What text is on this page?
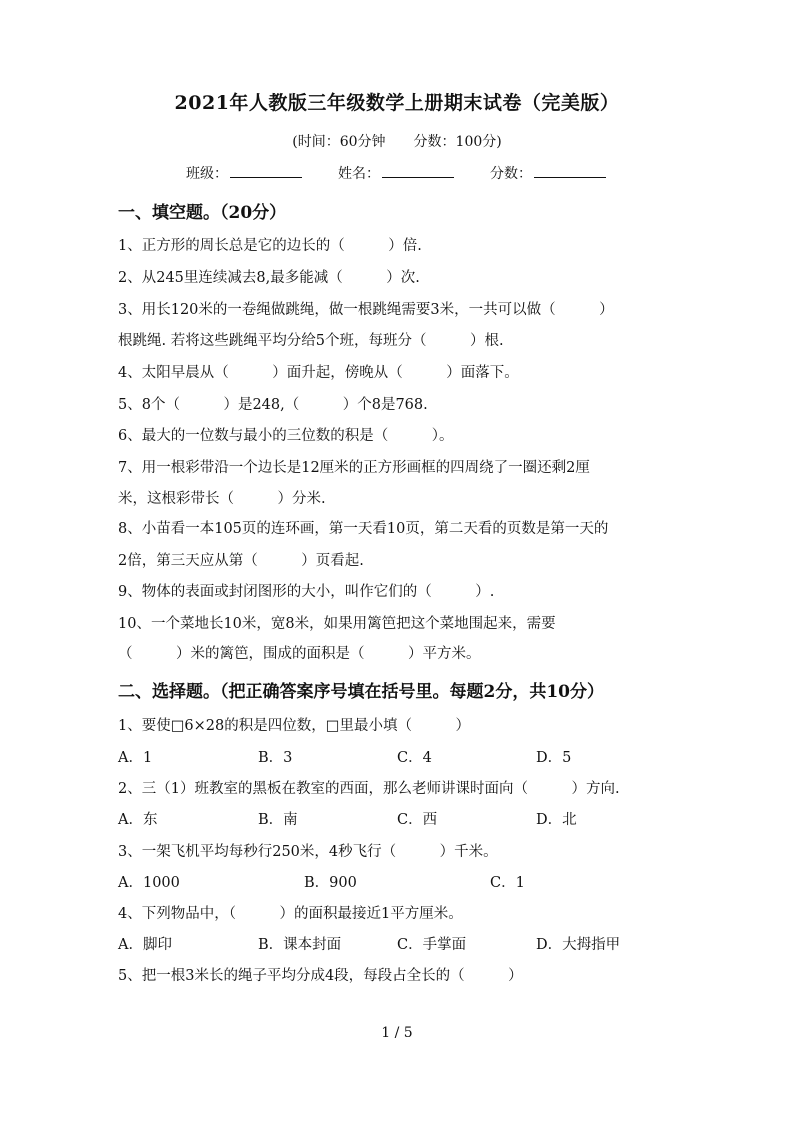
2021年人教版三年级数学上册期末试卷（完美版）
(时间：60分钟　　分数：100分)
班级：	姓名：	分数：
一、填空题。（20分）
1、正方形的周长总是它的边长的（　　　）倍.
2、从245里连续减去8,最多能减（　　　）次.
3、用长120米的一卷绳做跳绳，做一根跳绳需要3米，一共可以做（　　　）
根跳绳. 若将这些跳绳平均分给5个班，每班分（　　　）根.
4、太阳早晨从（　　　）面升起，傍晚从（　　　）面落下。
5、8个（　　　）是248,（　　　）个8是768.
6、最大的一位数与最小的三位数的积是（　　　）。
7、用一根彩带沿一个边长是12厘米的正方形画框的四周绕了一圈还剩2厘
米，这根彩带长（　　　）分米.
8、小苗看一本105页的连环画，第一天看10页，第二天看的页数是第一天的
2倍，第三天应从第（　　　）页看起.
9、物体的表面或封闭图形的大小，叫作它们的（　　　）.
10、一个菜地长10米，宽8米，如果用篱笆把这个菜地围起来，需要
（　　　）米的篱笆，围成的面积是（　　　）平方米。
二、选择题。（把正确答案序号填在括号里。每题2分，共10分）
1、要使□6×28的积是四位数，□里最小填（　　　）
A．1	B．3	C．4	D．5
2、三（1）班教室的黑板在教室的西面，那么老师讲课时面向（　　　）方向.
A．东	B．南	C．西	D．北
3、一架飞机平均每秒行250米，4秒飞行（　　　）千米。
A．1000	B．900	C．1
4、下列物品中，（　　　）的面积最接近1平方厘米。
A．脚印	B．课本封面	C．手掌面	D．大拇指甲
5、把一根3米长的绳子平均分成4段，每段占全长的（　　　）
1 / 5
